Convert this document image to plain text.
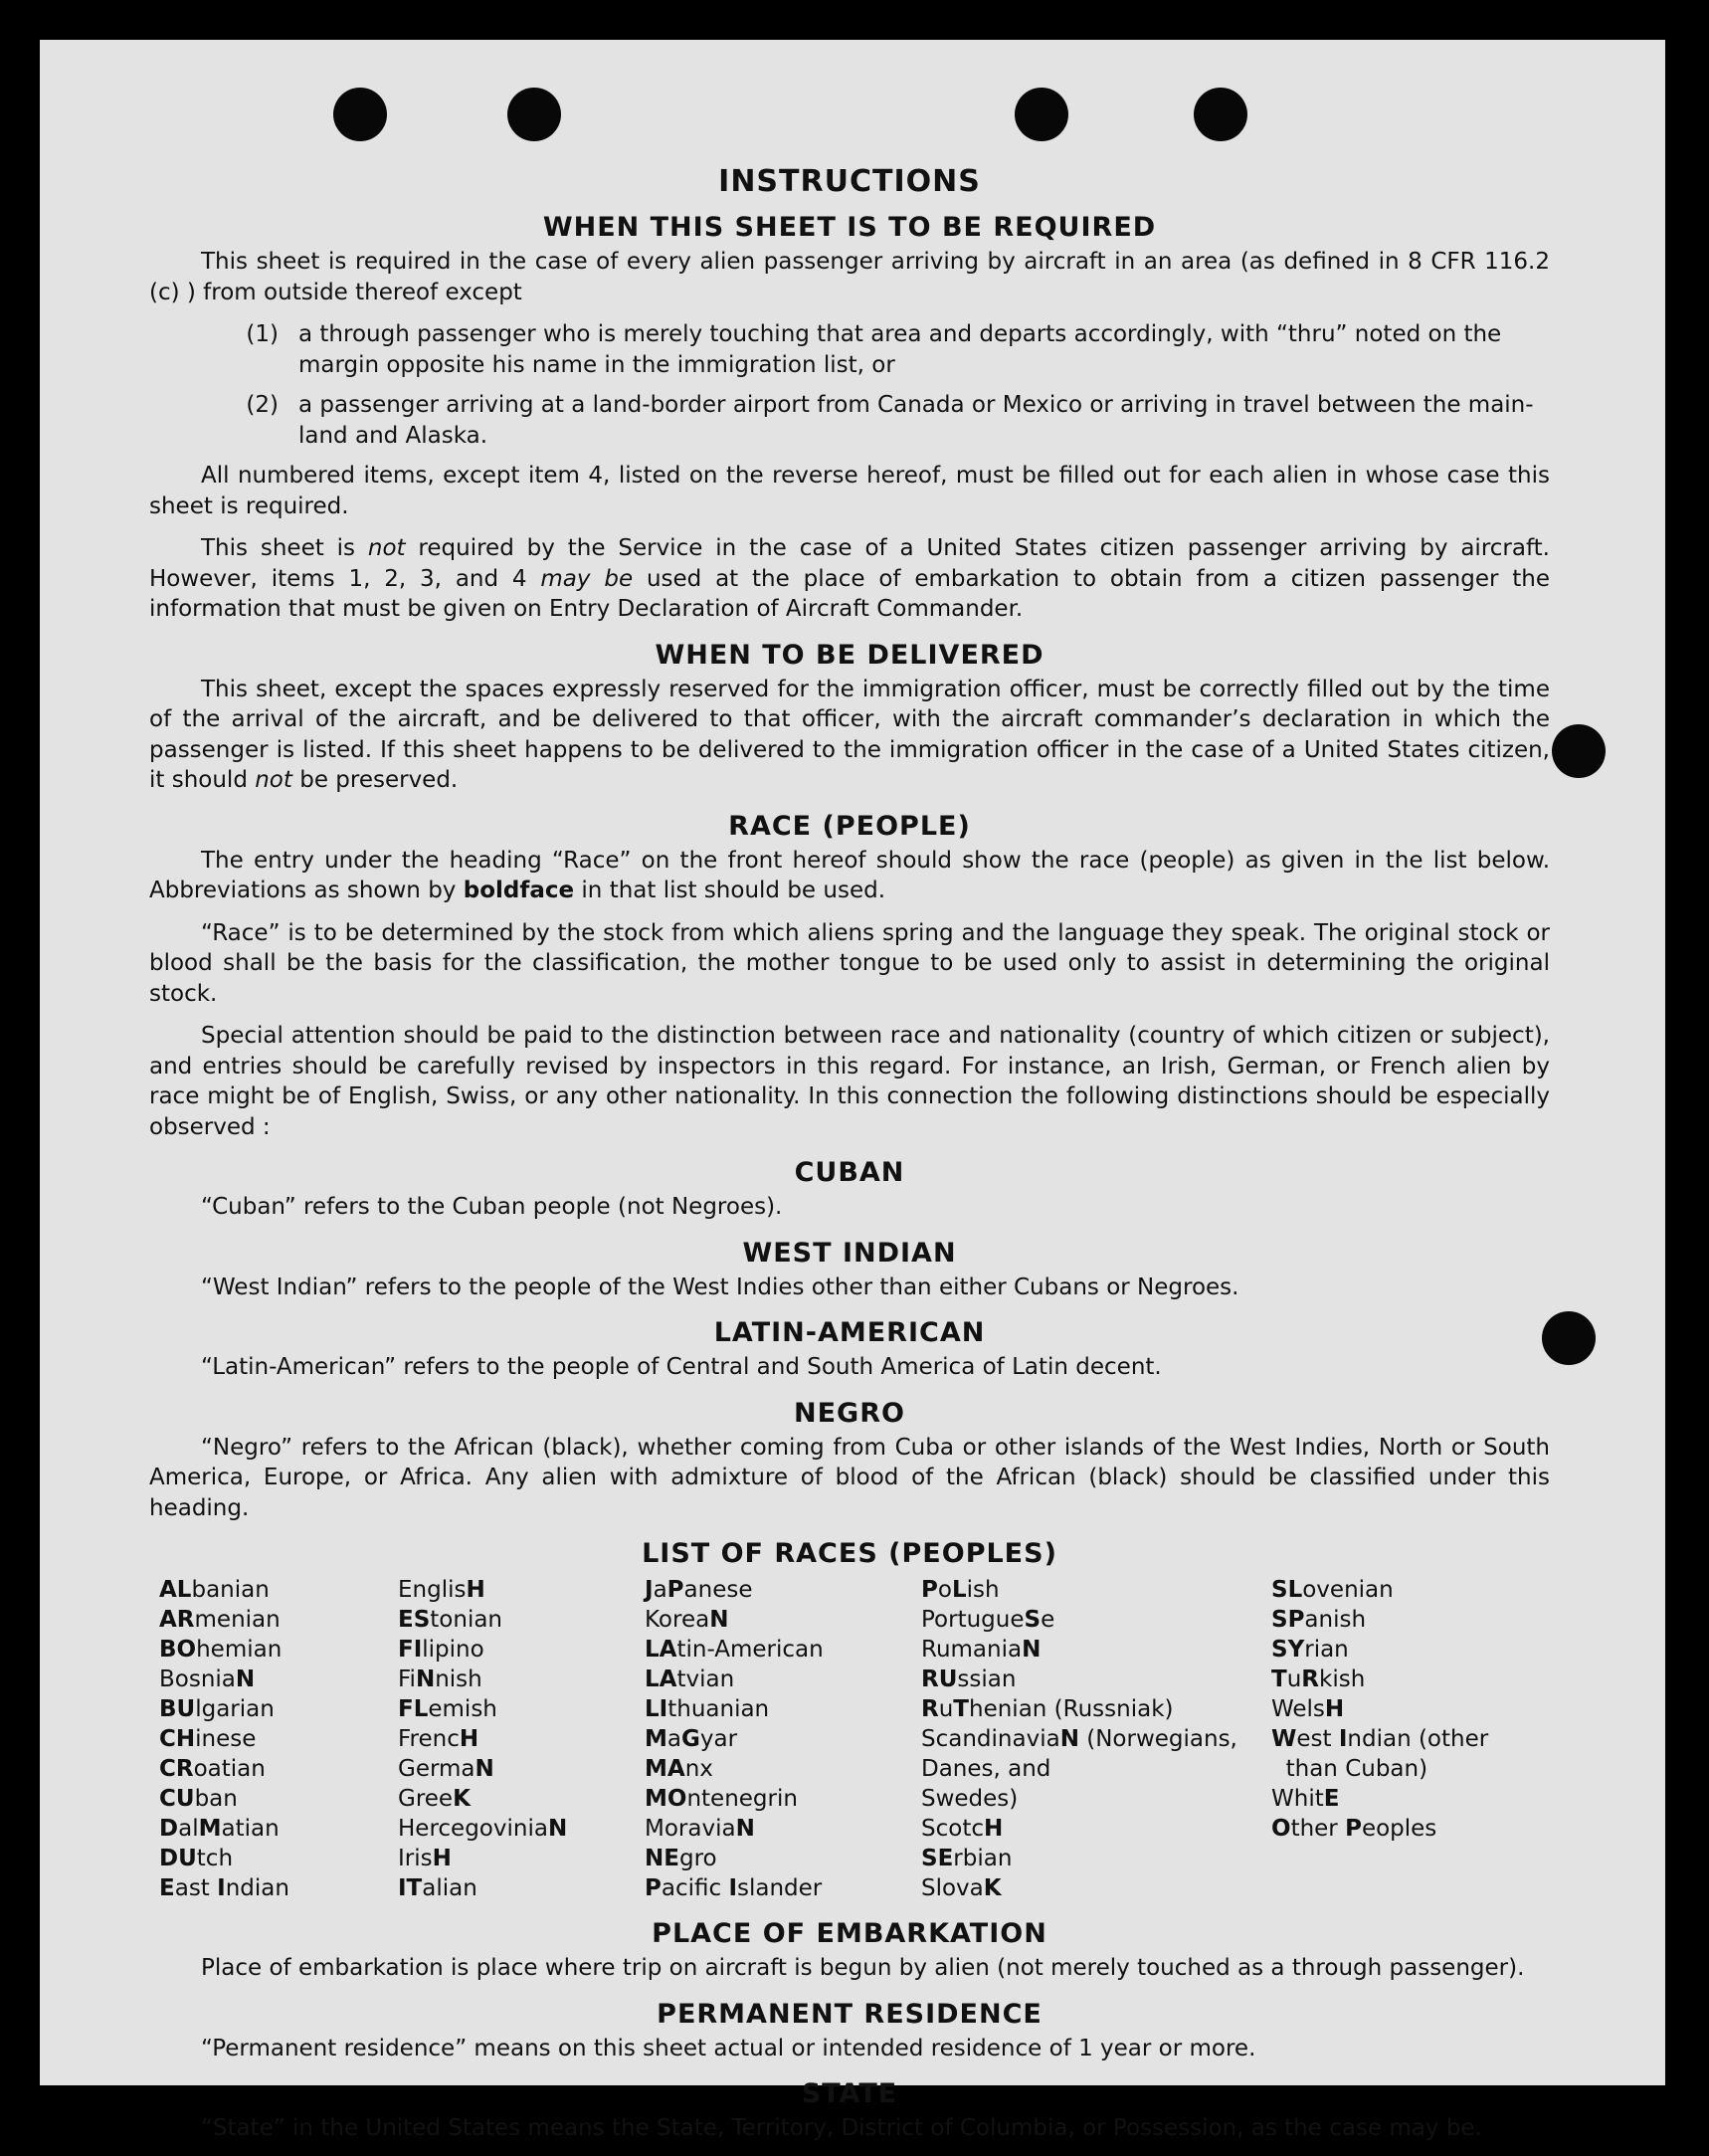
INSTRUCTIONS
WHEN THIS SHEET IS TO BE REQUIRED

This sheet is required in the case of every alien passenger arriving by aircraft in an area (as defined in 8 CFR 116.2 (c) ) from outside thereof except

(1) a through passenger who is merely touching that area and departs accordingly, with “thru” noted on the margin opposite his name in the immigration list, or
(2) a passenger arriving at a land-border airport from Canada or Mexico or arriving in travel between the main-land and Alaska.

All numbered items, except item 4, listed on the reverse hereof, must be filled out for each alien in whose case this sheet is required.

This sheet is not required by the Service in the case of a United States citizen passenger arriving by aircraft. However, items 1, 2, 3, and 4 may be used at the place of embarkation to obtain from a citizen passenger the information that must be given on Entry Declaration of Aircraft Commander.

WHEN TO BE DELIVERED

This sheet, except the spaces expressly reserved for the immigration officer, must be correctly filled out by the time of the arrival of the aircraft, and be delivered to that officer, with the aircraft commander’s declaration in which the passenger is listed. If this sheet happens to be delivered to the immigration officer in the case of a United States citizen, it should not be preserved.

RACE (PEOPLE)

The entry under the heading “Race” on the front hereof should show the race (people) as given in the list below. Abbreviations as shown by boldface in that list should be used.

“Race” is to be determined by the stock from which aliens spring and the language they speak. The original stock or blood shall be the basis for the classification, the mother tongue to be used only to assist in determining the original stock.

Special attention should be paid to the distinction between race and nationality (country of which citizen or subject), and entries should be carefully revised by inspectors in this regard. For instance, an Irish, German, or French alien by race might be of English, Swiss, or any other nationality. In this connection the following distinctions should be especially observed :

CUBAN

“Cuban” refers to the Cuban people (not Negroes).

WEST INDIAN

“West Indian” refers to the people of the West Indies other than either Cubans or Negroes.

LATIN-AMERICAN

“Latin-American” refers to the people of Central and South America of Latin decent.

NEGRO

“Negro” refers to the African (black), whether coming from Cuba or other islands of the West Indies, North or South America, Europe, or Africa. Any alien with admixture of blood of the African (black) should be classified under this heading.

LIST OF RACES (PEOPLES)
ALbanian
ARmenian
BOhemian
BosniaN
BUlgarian
CHinese
CRoatian
CUban
DalMatian
DUtch
East Indian
EnglisH
EStonian
FIlipino
FiNnish
FLemish
FrencH
GermaN
GreeK
HercegoviniaN
IrisH
ITalian
JaPanese
KoreaN
LAtin-American
LAtvian
LIthuanian
MaGyar
MAnx
MOntenegrin
MoraviaN
NEgro
Pacific Islander
PoLish
PortugueSe
RumaniaN
RUssian
RuThenian (Russniak)
ScandinaviaN (Norwegians,
Danes, and
Swedes)
ScotcH
SErbian
SlovaK
SLovenian
SPanish
SYrian
TuRkish
WelsH
West Indian (other
than Cuban)
WhitE
Other Peoples
PLACE OF EMBARKATION

Place of embarkation is place where trip on aircraft is begun by alien (not merely touched as a through passenger).

PERMANENT RESIDENCE

“Permanent residence” means on this sheet actual or intended residence of 1 year or more.

STATE

“State” in the United States means the State, Territory, District of Columbia, or Possession, as the case may be.
